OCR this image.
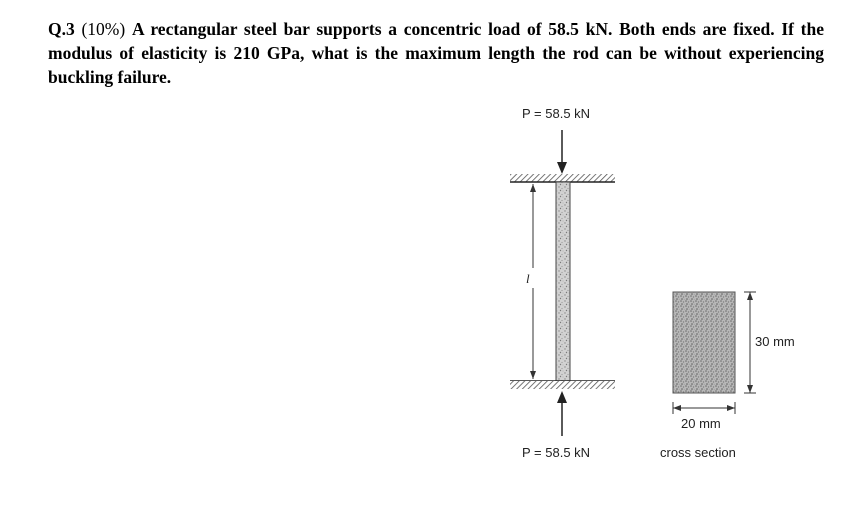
Q.3 (10%) A rectangular steel bar supports a concentric load of 58.5 kN. Both ends are fixed. If the modulus of elasticity is 210 GPa, what is the maximum length the rod can be without experiencing buckling failure.
P = 58.5 kN
l
P = 58.5 kN
30 mm
20 mm
cross section
